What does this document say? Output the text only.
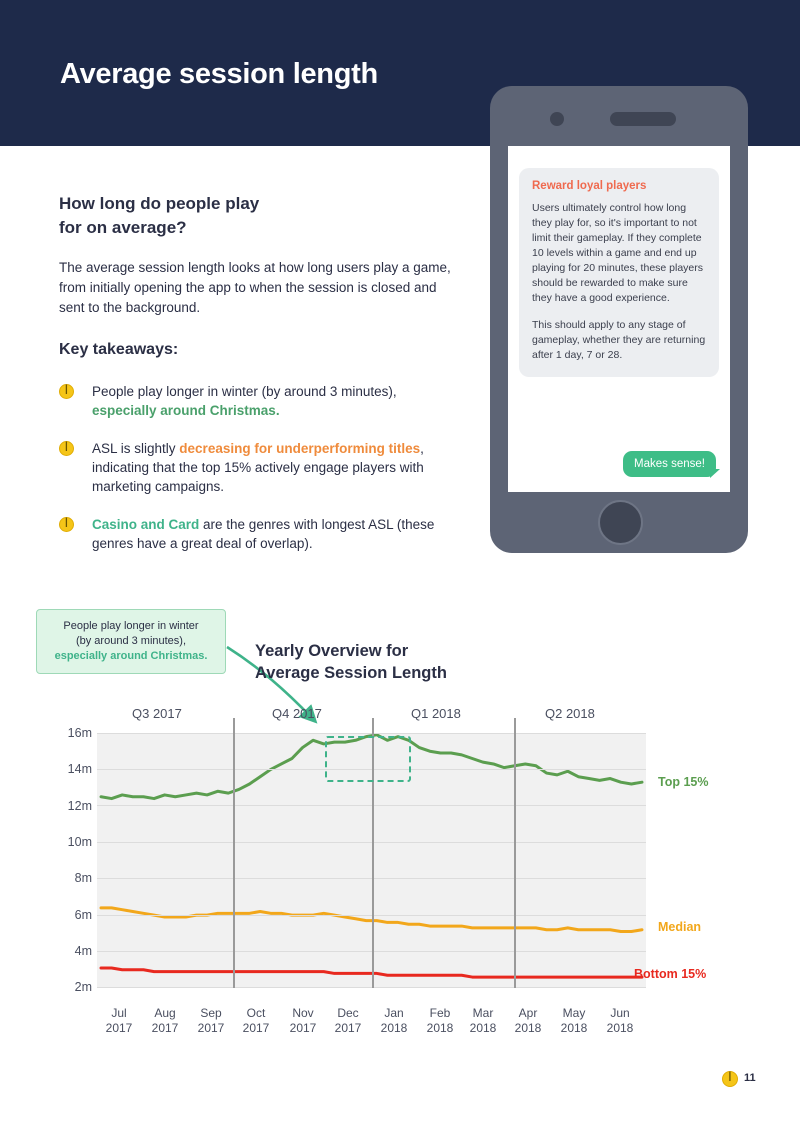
Average session length
How long do people play
for on average?
The average session length looks at how long users play a game, from initially opening the app to when the session is closed and sent to the background.
Key takeaways:
|
People play longer in winter (by around 3 minutes), especially around Christmas.
|
ASL is slightly decreasing for underperforming titles, indicating that the top 15% actively engage players with marketing campaigns.
|
Casino and Card are the genres with longest ASL (these genres have a great deal of overlap).
Reward loyal players

Users ultimately control how long they play for, so it's important to not limit their gameplay. If they complete 10 levels within a game and end up playing for 20 minutes, these players should be rewarded to make sure they have a good experience.

This should apply to any stage of gameplay, whether they are returning after 1 day, 7 or 28.

Makes sense!
People play longer in winter
(by around 3 minutes),
especially around Christmas.	Yearly Overview for
Average Session Length
Q3 2017	Q4 2017	Q1 2018	Q2 2018
16m
14m
12m
10m
8m
6m
4m
2m
Jul
2017
Aug
2017
Sep
2017
Oct
2017
Nov
2017
Dec
2017
Jan
2018
Feb
2018
Mar
2018
Apr
2018
May
2018
Jun
2018
Top 15%
Median
Bottom 15%
|
11
